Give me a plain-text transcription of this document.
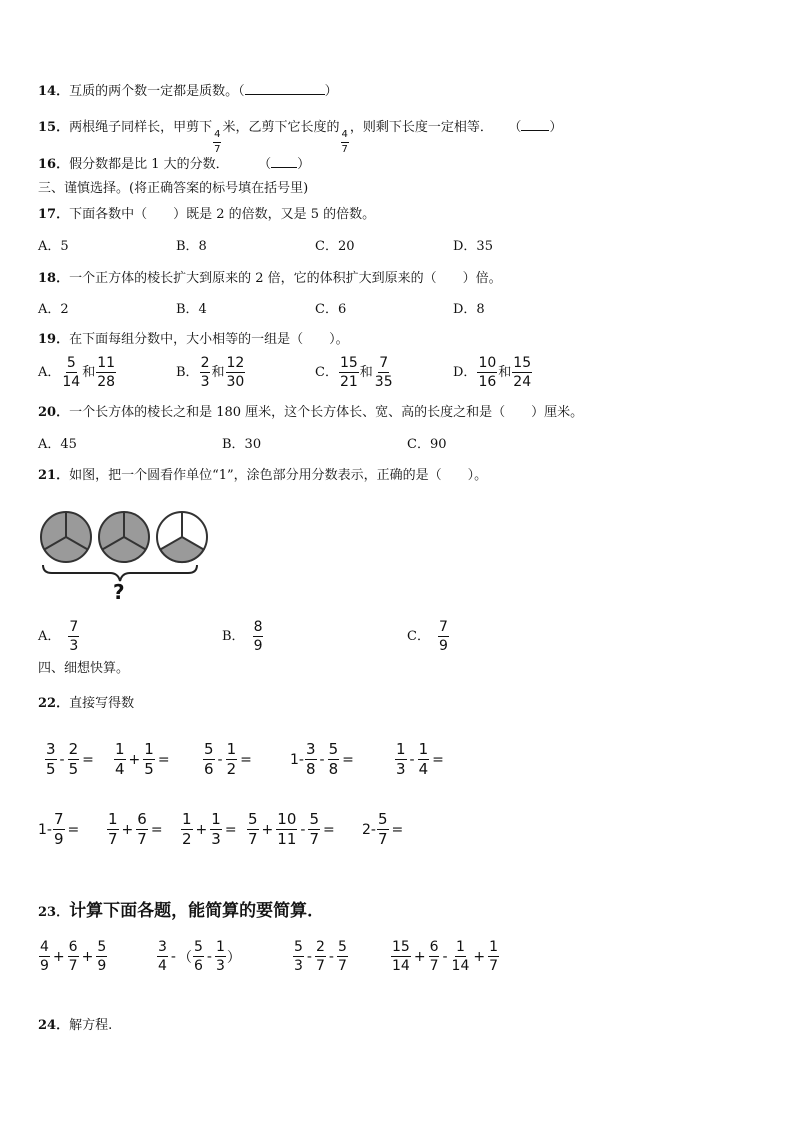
14．互质的两个数一定都是质数。（	）
15．两根绳子同样长，甲剪下
$\frac{4}{7}$
米，乙剪下它长度的
$\frac{4}{7}$
，则剩下长度一定相等． （ ）
16．假分数都是比 1 大的分数．	（ ）
三、谨慎选择。(将正确答案的标号填在括号里)
17．下面各数中（　　）既是 2 的倍数，又是 5 的倍数。
A．5	B．8	C．20	D．35
18．一个正方体的棱长扩大到原来的 2 倍，它的体积扩大到原来的（　　）倍。
A．2	B．4	C．6	D．8
19．在下面每组分数中，大小相等的一组是（　　）。
A． $\frac{5}{14}$ 和 $\frac{11}{28}$	B． $\frac{2}{3}$ 和 $\frac{12}{30}$	C． $\frac{15}{21}$ 和 $\frac{7}{35}$	D． $\frac{10}{16}$ 和 $\frac{15}{24}$
20．一个长方体的棱长之和是 180 厘米，这个长方体长、宽、高的长度之和是（　　）厘米。
A．45	B．30	C．90
21．如图，把一个圆看作单位“1”，涂色部分用分数表示，正确的是（　　）。
?
A． $\frac{7}{3}$	B． $\frac{8}{9}$	C． $\frac{7}{9}$
四、细想快算。
22．直接写得数
$\frac{3}{5} - \frac{2}{5} = \frac{1}{4} + \frac{1}{5} = \frac{5}{6} - \frac{1}{2}$ =	$1- \frac{3}{8} - \frac{5}{8}$ =	$\frac{1}{3} - \frac{1}{4}$ =
$1- \frac{7}{9} = \frac{1}{7} + \frac{6}{7} = \frac{1}{2} + \frac{1}{3} = \frac{5}{7} + \frac{10}{11} - \frac{5}{7} = 2- \frac{5}{7}$ =
23．计算下面各题，能简算的要简算．
$\frac{4}{9} + \frac{6}{7} + \frac{5}{9}$	$\frac{3}{4}$ - （ $\frac{5}{6} - \frac{1}{3}$ ）	$\frac{5}{3} - \frac{2}{7} - \frac{5}{7}$	$\frac{15}{14} + \frac{6}{7} - \frac{1}{14} + \frac{1}{7}$
24．解方程.
